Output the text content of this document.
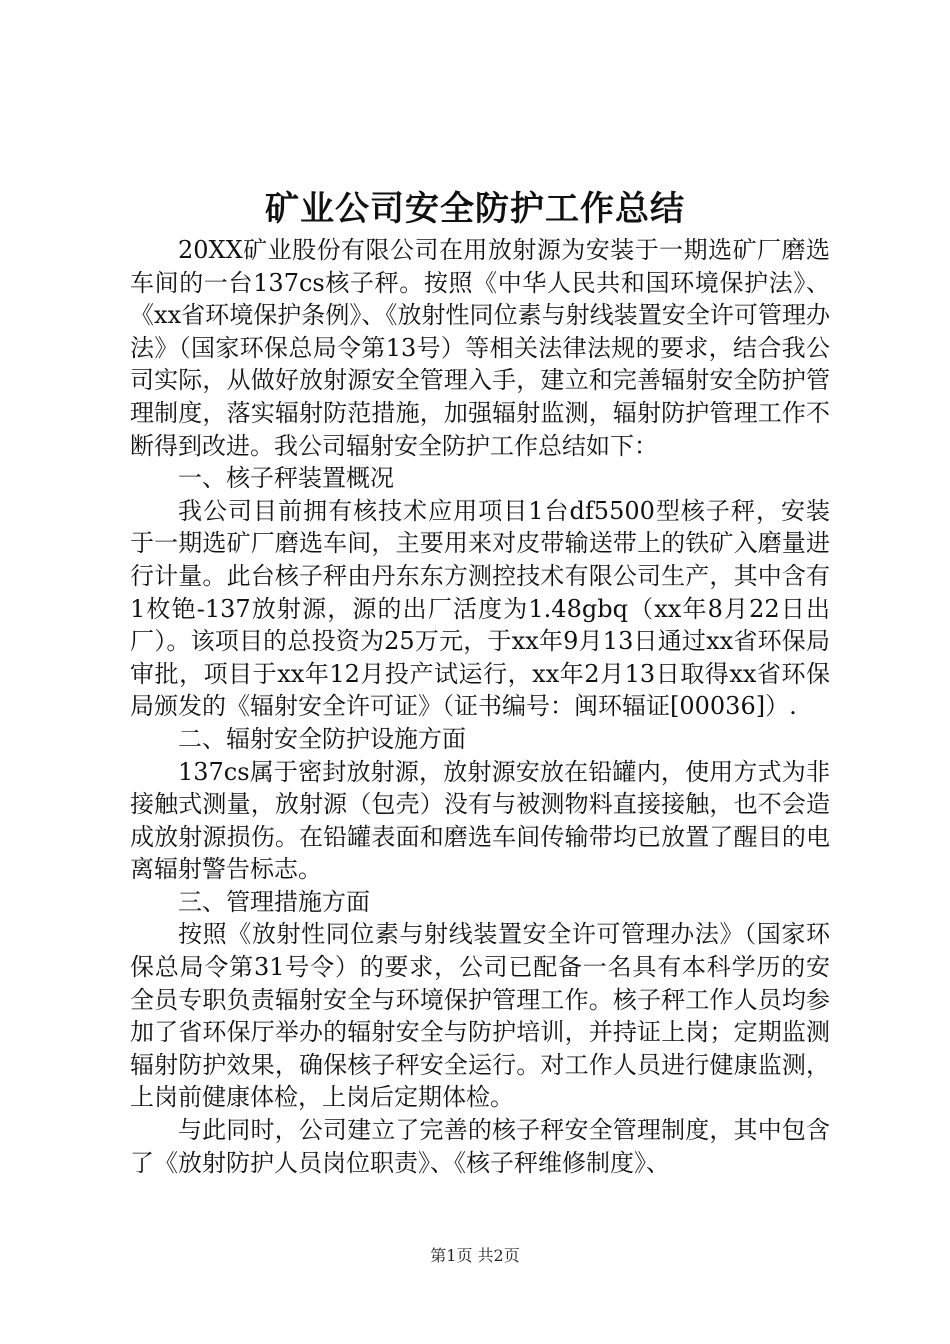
矿业公司安全防护工作总结

20XX矿业股份有限公司在用放射源为安装于一期选矿厂磨选车间的一台137cs核子秤。按照《中华人民共和国环境保护法》、《xx省环境保护条例》、《放射性同位素与射线装置安全许可管理办法》（国家环保总局令第13号）等相关法律法规的要求，结合我公司实际，从做好放射源安全管理入手，建立和完善辐射安全防护管理制度，落实辐射防范措施，加强辐射监测，辐射防护管理工作不断得到改进。我公司辐射安全防护工作总结如下：

一、核子秤装置概况

我公司目前拥有核技术应用项目1台df5500型核子秤，安装于一期选矿厂磨选车间，主要用来对皮带输送带上的铁矿入磨量进行计量。此台核子秤由丹东东方测控技术有限公司生产，其中含有1枚铯-137放射源，源的出厂活度为1.48gbq（xx年8月22日出厂）。该项目的总投资为25万元，于xx年9月13日通过xx省环保局审批，项目于xx年12月投产试运行，xx年2月13日取得xx省环保局颁发的《辐射安全许可证》（证书编号：闽环辐证[00036]）.

二、辐射安全防护设施方面

137cs属于密封放射源，放射源安放在铅罐内，使用方式为非接触式测量，放射源（包壳）没有与被测物料直接接触，也不会造成放射源损伤。在铅罐表面和磨选车间传输带均已放置了醒目的电离辐射警告标志。

三、管理措施方面

按照《放射性同位素与射线装置安全许可管理办法》（国家环保总局令第31号令）的要求，公司已配备一名具有本科学历的安全员专职负责辐射安全与环境保护管理工作。核子秤工作人员均参加了省环保厅举办的辐射安全与防护培训，并持证上岗；定期监测辐射防护效果，确保核子秤安全运行。对工作人员进行健康监测，上岗前健康体检，上岗后定期体检。

与此同时，公司建立了完善的核子秤安全管理制度，其中包含了《放射防护人员岗位职责》、《核子秤维修制度》、

第1页 共2页
